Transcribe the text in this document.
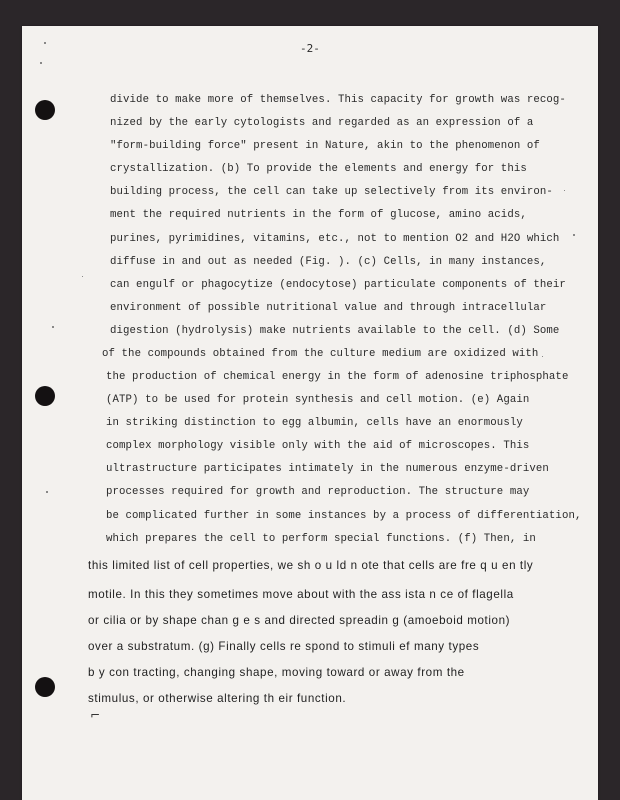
-2-
divide to make more of themselves. This capacity for growth was recog-
nized by the early cytologists and regarded as an expression of a
"form-building force" present in Nature, akin to the phenomenon of
crystallization. (b) To provide the elements and energy for this
building process, the cell can take up selectively from its environ-
ment the required nutrients in the form of glucose, amino acids,
purines, pyrimidines, vitamins, etc., not to mention O2 and H2O which
diffuse in and out as needed (Fig. ). (c) Cells, in many instances,
can engulf or phagocytize (endocytose) particulate components of their
environment of possible nutritional value and through intracellular
digestion (hydrolysis) make nutrients available to the cell. (d) Some
of the compounds obtained from the culture medium are oxidized with
the production of chemical energy in the form of adenosine triphosphate
(ATP) to be used for protein synthesis and cell motion. (e) Again
in striking distinction to egg albumin, cells have an enormously
complex morphology visible only with the aid of microscopes. This
ultrastructure participates intimately in the numerous enzyme-driven
processes required for growth and reproduction. The structure may
be complicated further in some instances by a process of differentiation,
which prepares the cell to perform special functions. (f) Then, in
this limited list of cell properties, we sh o u ld n ote that cells are fre q u en tly
motile. In this they sometimes move about with the ass ista n ce of flagella
or cilia or by shape chan g e s and directed spreadin g (amoeboid motion)
over a substratum. (g) Finally cells re spond to stimuli ef many types
b y con tracting, changing shape, moving toward or away from the
stimulus, or otherwise altering th eir function.
⌐
